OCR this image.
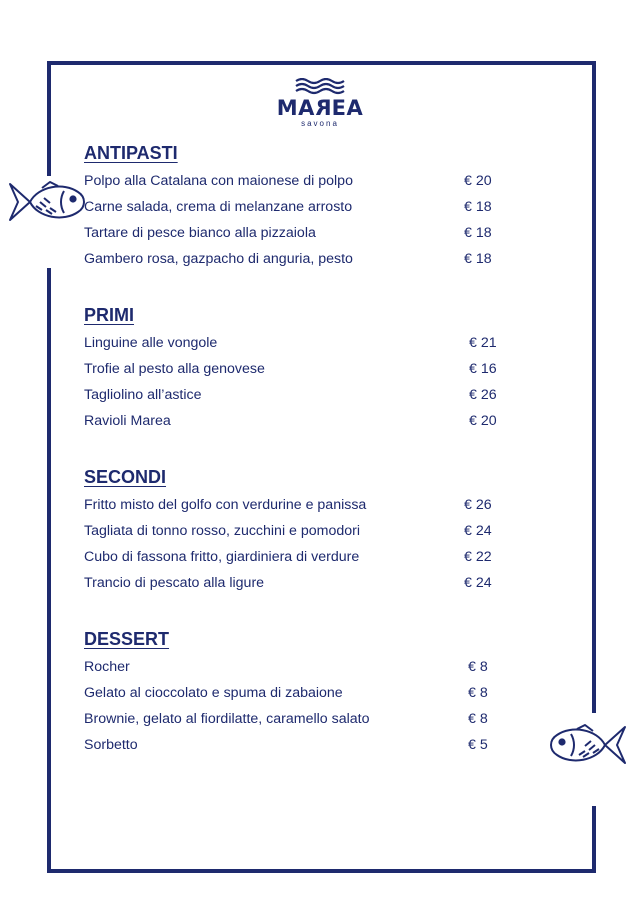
MAREA
savona
ANTIPASTI
Polpo alla Catalana con maionese di polpo	€ 20
Carne salada, crema di melanzane arrosto	€ 18
Tartare di pesce bianco alla pizzaiola	€ 18
Gambero rosa, gazpacho di anguria, pesto	€ 18
PRIMI
Linguine alle vongole	€ 21
Trofie al pesto alla genovese	€ 16
Tagliolino all’astice	€ 26
Ravioli Marea	€ 20
SECONDI
Fritto misto del golfo con verdurine e panissa	€ 26
Tagliata di tonno rosso, zucchini e pomodori	€ 24
Cubo di fassona fritto, giardiniera di verdure	€ 22
Trancio di pescato alla ligure	€ 24
DESSERT
Rocher	€ 8
Gelato al cioccolato e spuma di zabaione	€ 8
Brownie, gelato al fiordilatte, caramello salato	€ 8
Sorbetto	€ 5
